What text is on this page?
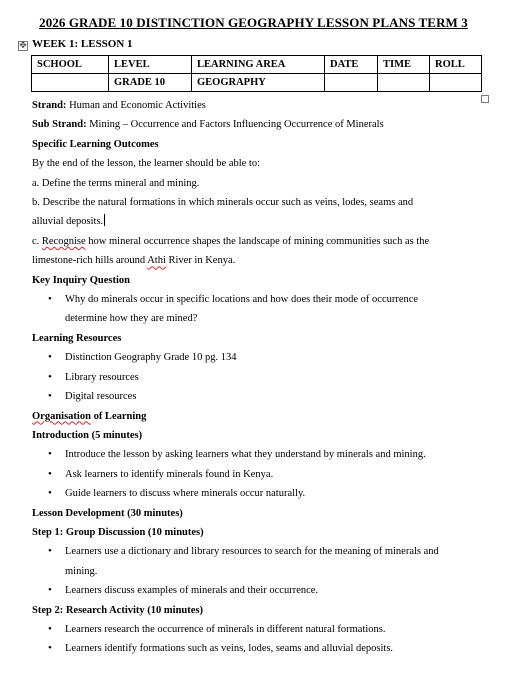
2026 GRADE 10 DISTINCTION GEOGRAPHY LESSON PLANS TERM 3
✥ WEEK 1: LESSON 1
SCHOOL	LEVEL	LEARNING AREA	DATE	TIME	ROLL
	GRADE 10	GEOGRAPHY			

Strand: Human and Economic Activities

Sub Strand: Mining – Occurrence and Factors Influencing Occurrence of Minerals

Specific Learning Outcomes

By the end of the lesson, the learner should be able to:

a. Define the terms mineral and mining.

b. Describe the natural formations in which minerals occur such as veins, lodes, seams and

alluvial deposits.

c. Recognise how mineral occurrence shapes the landscape of mining communities such as the

limestone-rich hills around Athi River in Kenya.

Key Inquiry Question

• Why do minerals occur in specific locations and how does their mode of occurrence
determine how they are mined?

Learning Resources

• Distinction Geography Grade 10 pg. 134
• Library resources
• Digital resources

Organisation of Learning

Introduction (5 minutes)

• Introduce the lesson by asking learners what they understand by minerals and mining.
• Ask learners to identify minerals found in Kenya.
• Guide learners to discuss where minerals occur naturally.

Lesson Development (30 minutes)

Step 1: Group Discussion (10 minutes)

• Learners use a dictionary and library resources to search for the meaning of minerals and
mining.
• Learners discuss examples of minerals and their occurrence.

Step 2: Research Activity (10 minutes)

• Learners research the occurrence of minerals in different natural formations.
• Learners identify formations such as veins, lodes, seams and alluvial deposits.
